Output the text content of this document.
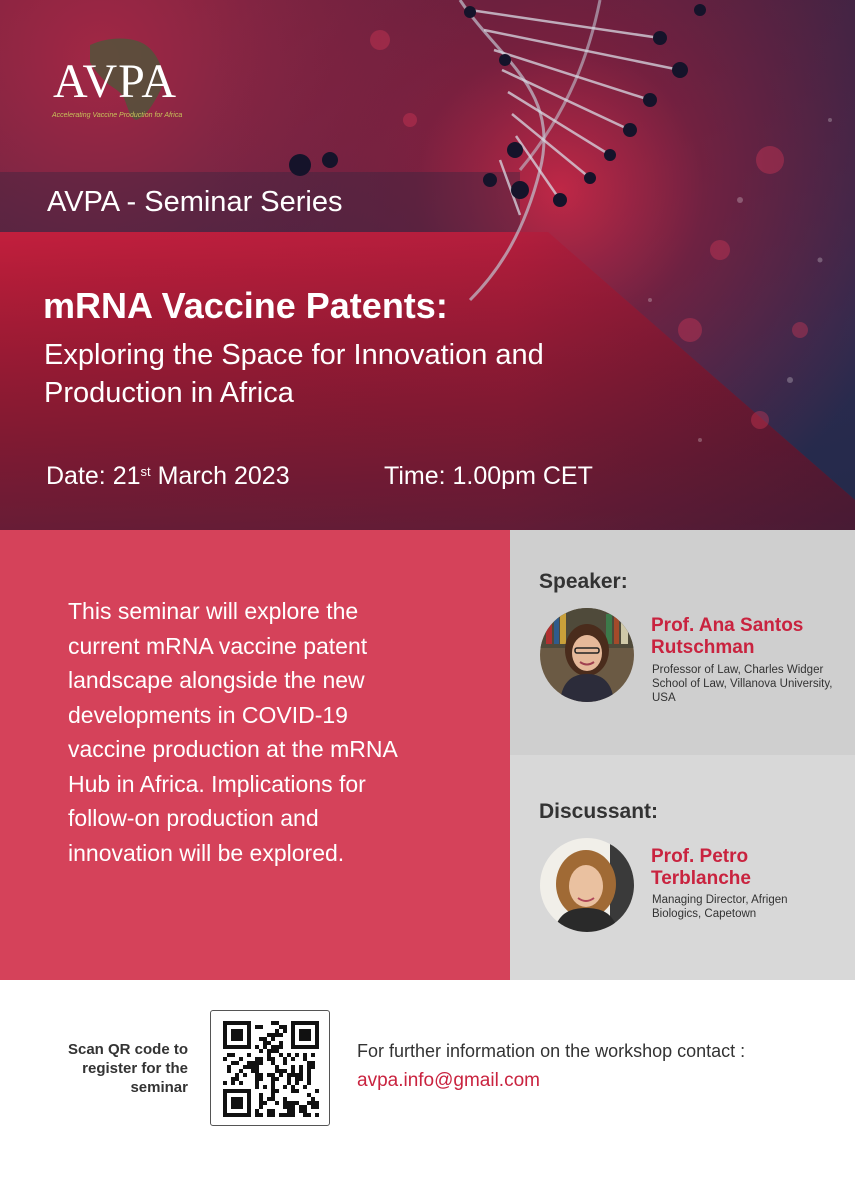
AVPA
Accelerating Vaccine Production for Africa
AVPA - Seminar Series
mRNA Vaccine Patents:
Exploring the Space for Innovation and Production in Africa
Date: 21st March 2023	Time: 1.00pm CET
This seminar will explore the current mRNA vaccine patent landscape alongside the new developments in COVID-19 vaccine production at the mRNA Hub in Africa. Implications for follow-on production and innovation will be explored.
Speaker:
Prof. Ana Santos Rutschman
Professor of Law, Charles Widger School of Law, Villanova University, USA
Discussant:
Prof. Petro Terblanche
Managing Director, Afrigen Biologics, Capetown
Scan QR code to register for the seminar
For further information on the workshop contact :
avpa.info@gmail.com
